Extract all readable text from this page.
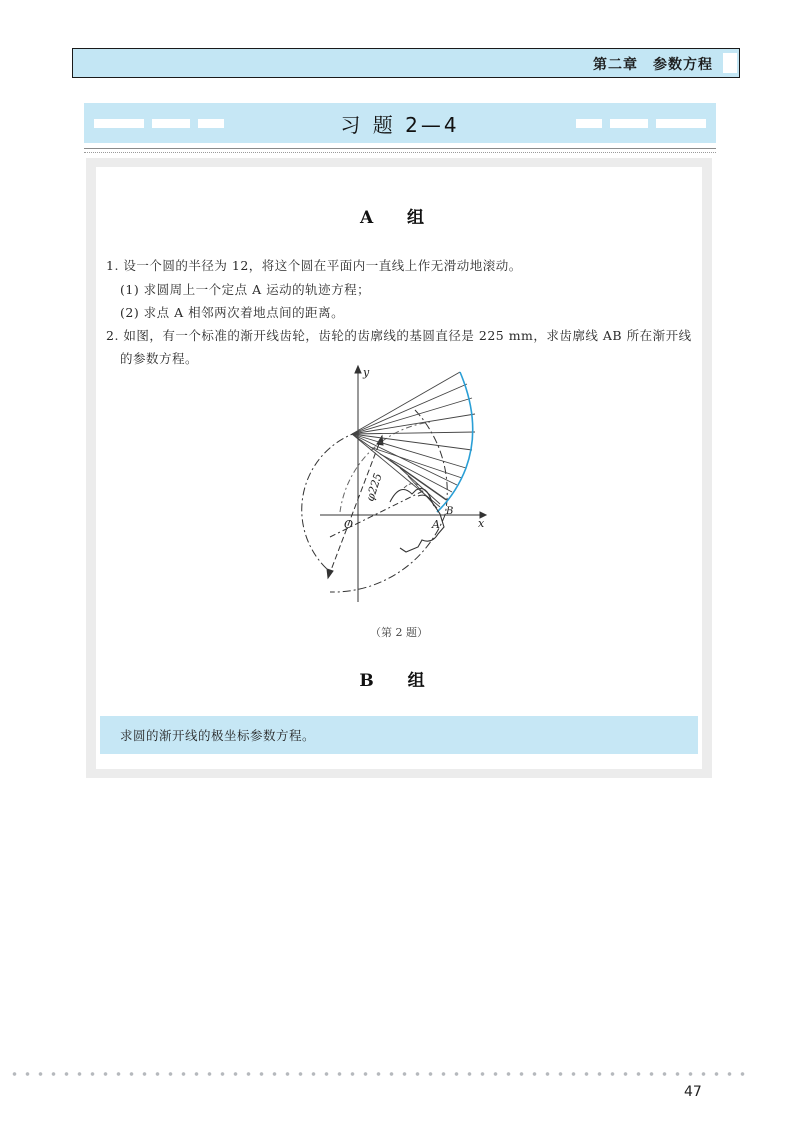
第二章　参数方程
习 题 2—4
A 组
1. 设一个圆的半径为 12，将这个圆在平面内一直线上作无滑动地滚动。
(1) 求圆周上一个定点 A 运动的轨迹方程；
(2) 求点 A 相邻两次着地点间的距离。
2. 如图，有一个标准的渐开线齿轮，齿轮的齿廓线的基圆直径是 225 mm，求齿廓线 AB 所在渐开线
的参数方程。
y
x
O	A
B
φ225
（第 2 题）
B 组
求圆的渐开线的极坐标参数方程。
47
